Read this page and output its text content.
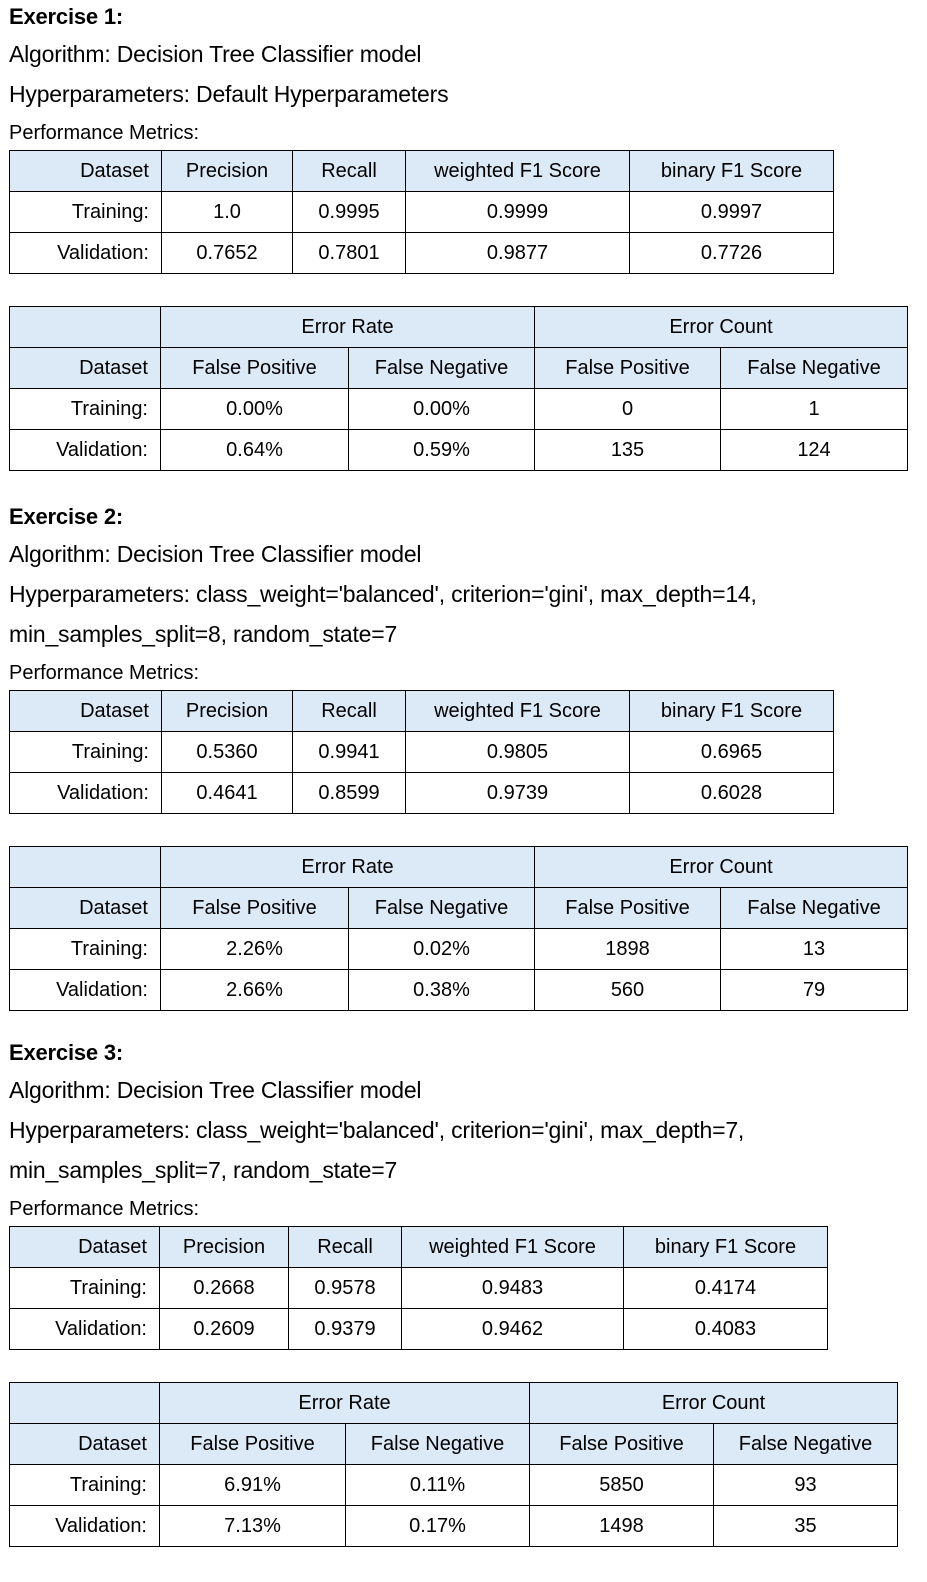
Exercise 1:
Algorithm: Decision Tree Classifier model
Hyperparameters: Default Hyperparameters
Performance Metrics:
Dataset	Precision	Recall	weighted F1 Score	binary F1 Score
Training:	1.0	0.9995	0.9999	0.9997
Validation:	0.7652	0.7801	0.9877	0.7726
	Error Rate		Error Count	
Dataset	False Positive	False Negative	False Positive	False Negative
Training:	0.00%	0.00%	0	1
Validation:	0.64%	0.59%	135	124
Exercise 2:
Algorithm: Decision Tree Classifier model
Hyperparameters: class_weight='balanced', criterion='gini', max_depth=14,
min_samples_split=8, random_state=7
Performance Metrics:
Dataset	Precision	Recall	weighted F1 Score	binary F1 Score
Training:	0.5360	0.9941	0.9805	0.6965
Validation:	0.4641	0.8599	0.9739	0.6028
	Error Rate		Error Count	
Dataset	False Positive	False Negative	False Positive	False Negative
Training:	2.26%	0.02%	1898	13
Validation:	2.66%	0.38%	560	79
Exercise 3:
Algorithm: Decision Tree Classifier model
Hyperparameters: class_weight='balanced', criterion='gini', max_depth=7,
min_samples_split=7, random_state=7
Performance Metrics:
Dataset	Precision	Recall	weighted F1 Score	binary F1 Score
Training:	0.2668	0.9578	0.9483	0.4174
Validation:	0.2609	0.9379	0.9462	0.4083
	Error Rate		Error Count	
Dataset	False Positive	False Negative	False Positive	False Negative
Training:	6.91%	0.11%	5850	93
Validation:	7.13%	0.17%	1498	35
